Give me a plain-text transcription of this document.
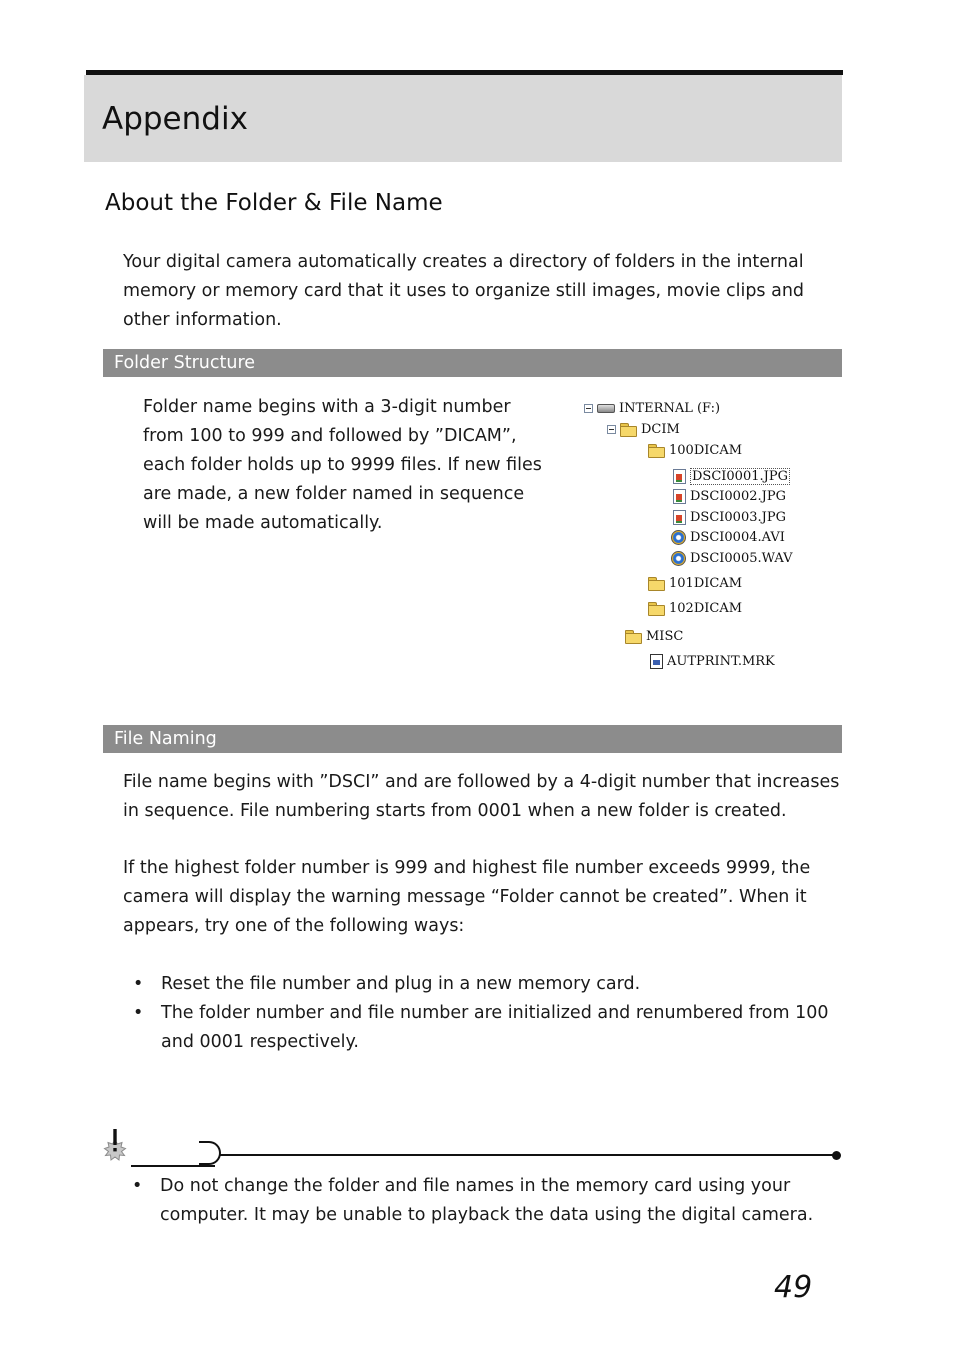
Appendix
About the Folder & File Name

Your digital camera automatically creates a directory of folders in the internal memory or memory card that it uses to organize still images, movie clips and other information.

Folder Structure

Folder name begins with a 3-digit number from 100 to 999 and followed by ”DICAM”, each folder holds up to 9999 files. If new files are made, a new folder named in sequence will be made automatically.

INTERNAL (F:)
DCIM
100DICAM
DSCI0001.JPG
DSCI0002.JPG
DSCI0003.JPG
DSCI0004.AVI
DSCI0005.WAV
101DICAM
102DICAM
MISC
AUTPRINT.MRK
File Naming

File name begins with ”DSCI” and are followed by a 4-digit number that increases in sequence. File numbering starts from 0001 when a new folder is created.

If the highest folder number is 999 and highest file number exceeds 9999, the camera will display the warning message “Folder cannot be created”. When it appears, try one of the following ways:

• Reset the file number and plug in a new memory card.
• The folder number and file number are initialized and renumbered from 100 and 0001 respectively.
• Do not change the folder and file names in the memory card using your computer. It may be unable to playback the data using the digital camera.
49
